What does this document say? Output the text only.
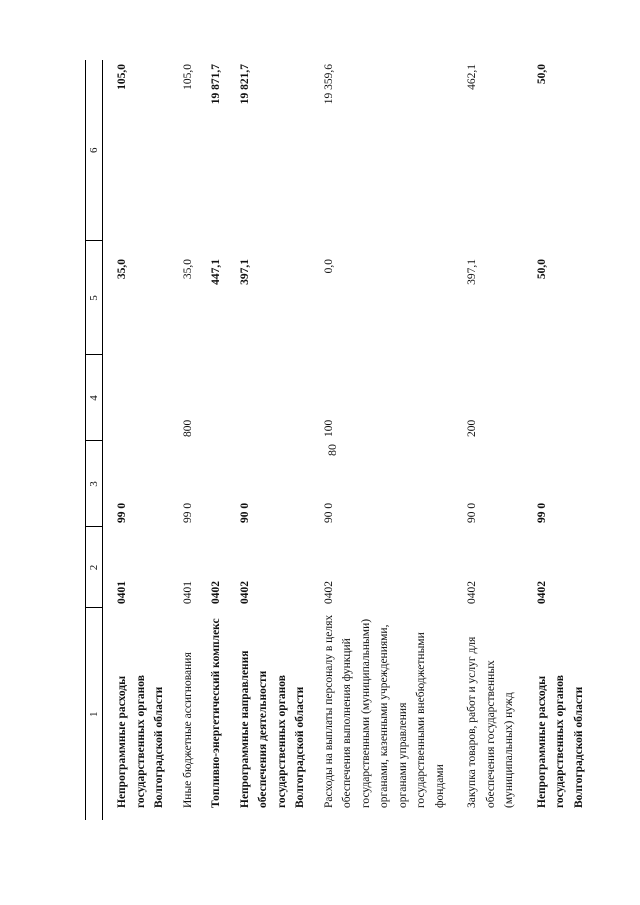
80
1	2	3	4	5	6
Непрограммные расходы государственных органов Волгоградской области	0401	99 0		35,0	105,0
Иные бюджетные ассигнования	0401	99 0	800	35,0	105,0
Топливно-энергетический комплекс	0402			447,1	19 871,7
Непрограммные направления обеспечения деятельности государственных органов Волгоградской области	0402	90 0		397,1	19 821,7
Расходы на выплаты персоналу в целях обеспечения выполнения функций государственными (муниципальными) органами, казенными учреждениями, органами управления государственными внебюджетными фондами	0402	90 0	100	0,0	19 359,6
Закупка товаров, работ и услуг для обеспечения государственных (муниципальных) нужд	0402	90 0	200	397,1	462,1
Непрограммные расходы государственных органов Волгоградской области	0402	99 0		50,0	50,0
